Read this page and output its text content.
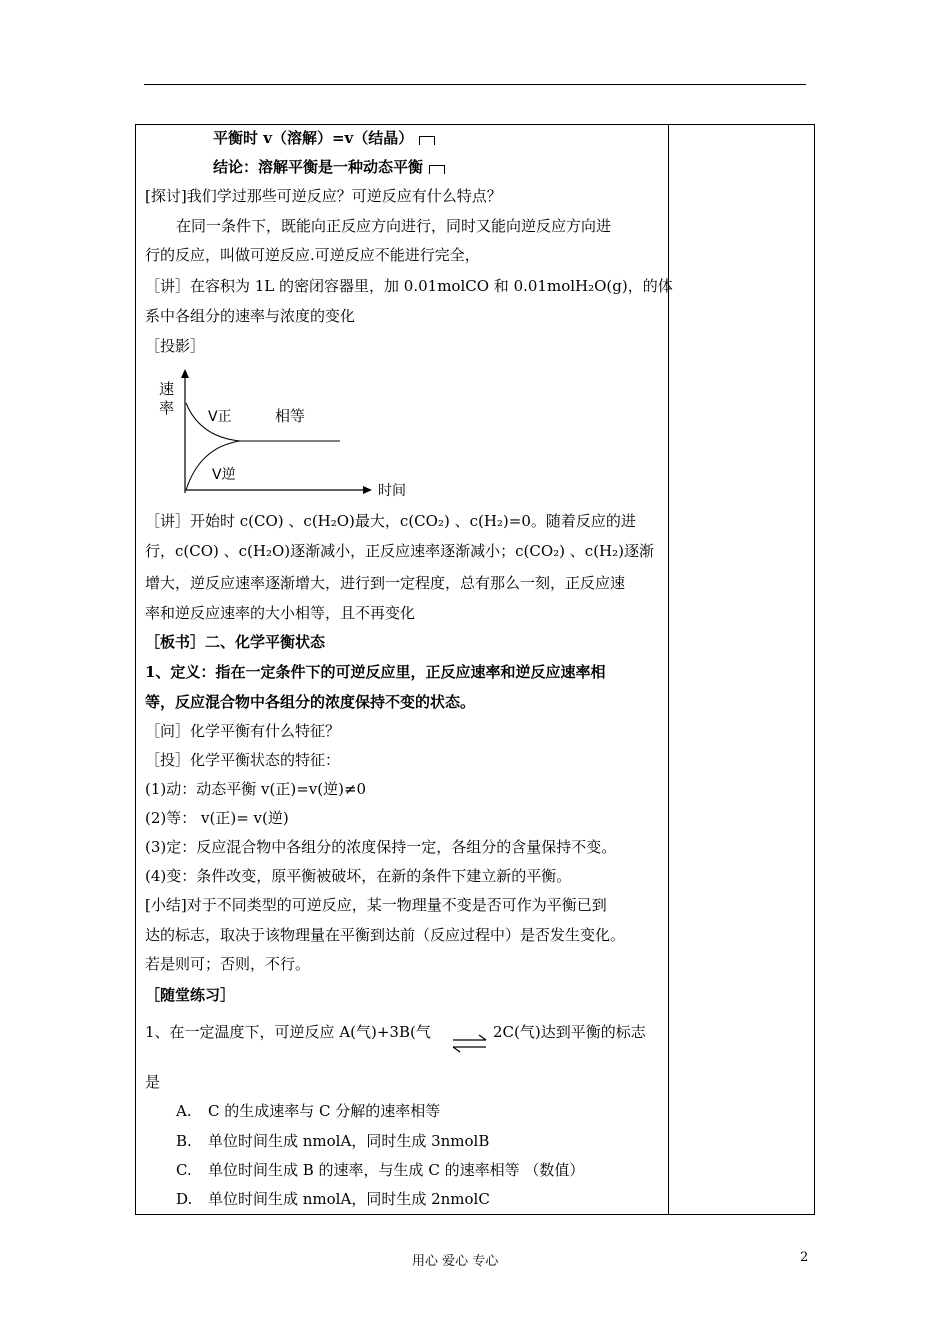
平衡时 v（溶解）=v（结晶）
结论：溶解平衡是一种动态平衡
[探讨]我们学过那些可逆反应？可逆反应有什么特点？
在同一条件下，既能向正反应方向进行，同时又能向逆反应方向进
行的反应，叫做可逆反应.可逆反应不能进行完全，
［讲］在容积为 1L 的密闭容器里，加 0.01molCO 和 0.01molH₂O(g)，的体
系中各组分的速率与浓度的变化
［投影］
速
率 V正	相等
V逆
时间
［讲］开始时 c(CO) 、c(H₂O)最大，c(CO₂) 、c(H₂)=0。随着反应的进
行，c(CO) 、c(H₂O)逐渐减小，正反应速率逐渐减小；c(CO₂) 、c(H₂)逐渐
增大，逆反应速率逐渐增大，进行到一定程度，总有那么一刻，正反应速
率和逆反应速率的大小相等，且不再变化
［板书］二、化学平衡状态
1、定义：指在一定条件下的可逆反应里，正反应速率和逆反应速率相
等，反应混合物中各组分的浓度保持不变的状态。
［问］化学平衡有什么特征？
［投］化学平衡状态的特征：
(1)动：动态平衡 v(正)=v(逆)≠0
(2)等： v(正)= v(逆)
(3)定：反应混合物中各组分的浓度保持一定，各组分的含量保持不变。
(4)变：条件改变，原平衡被破坏，在新的条件下建立新的平衡。
[小结]对于不同类型的可逆反应，某一物理量不变是否可作为平衡已到
达的标志，取决于该物理量在平衡到达前（反应过程中）是否发生变化。
若是则可；否则，不行。
［随堂练习］
1、在一定温度下，可逆反应 A(气)+3B(气 ⇌ 2C(气)达到平衡的标志
是
A. C 的生成速率与 C 分解的速率相等
B. 单位时间生成 nmolA，同时生成 3nmolB
C. 单位时间生成 B 的速率，与生成 C 的速率相等 （数值）
D. 单位时间生成 nmolA，同时生成 2nmolC
用心 爱心 专心	2
